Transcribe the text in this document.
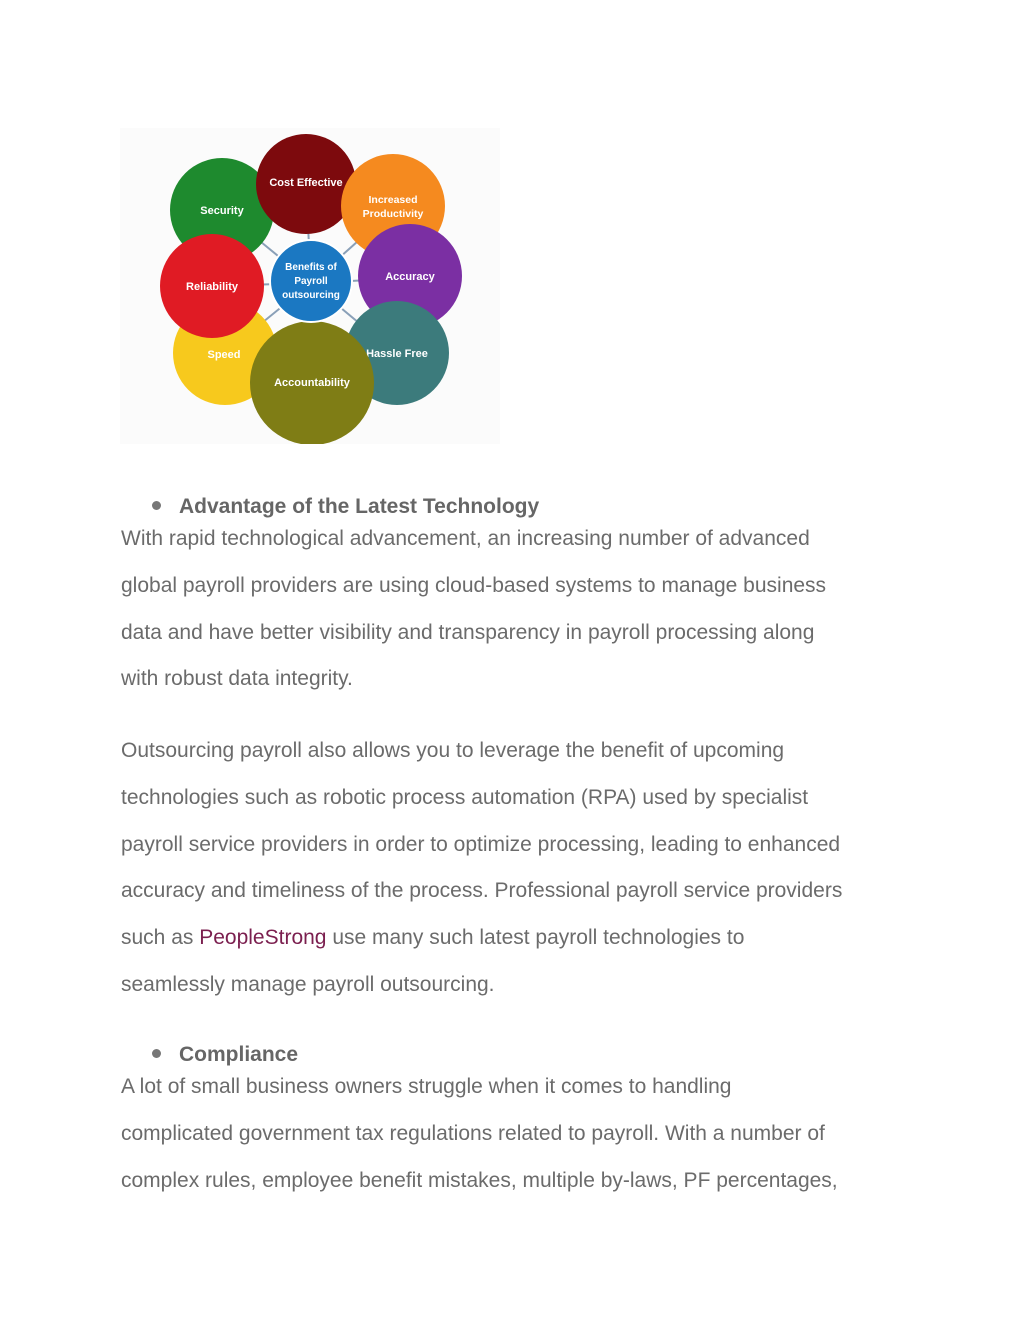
Security
Cost Effective
Increased
Productivity
Speed
Reliability
Accuracy
Hassle Free
Accountability
Benefits of
Payroll
outsourcing
Advantage of the Latest Technology
With rapid technological advancement, an increasing number of advanced
global payroll providers are using cloud-based systems to manage business
data and have better visibility and transparency in payroll processing along
with robust data integrity.
Outsourcing payroll also allows you to leverage the benefit of upcoming
technologies such as robotic process automation (RPA) used by specialist
payroll service providers in order to optimize processing, leading to enhanced
accuracy and timeliness of the process. Professional payroll service providers
such as PeopleStrong use many such latest payroll technologies to
seamlessly manage payroll outsourcing.
Compliance
A lot of small business owners struggle when it comes to handling
complicated government tax regulations related to payroll. With a number of
complex rules, employee benefit mistakes, multiple by-laws, PF percentages,
